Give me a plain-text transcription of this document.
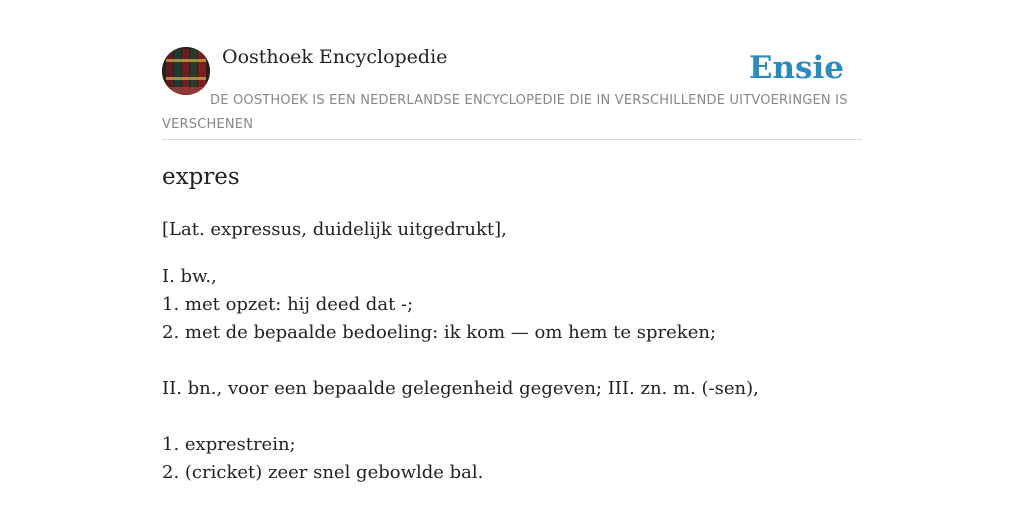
Oosthoek Encyclopedie	Ensie
DE OOSTHOEK IS EEN NEDERLANDSE ENCYCLOPEDIE DIE IN VERSCHILLENDE UITVOERINGEN IS VERSCHENEN
expres
[Lat. expressus, duidelijk uitgedrukt],
I. bw.,
1. met opzet: hij deed dat -;
2. met de bepaalde bedoeling: ik kom — om hem te spreken;
II. bn., voor een bepaalde gelegenheid gegeven; III. zn. m. (-sen),
1. exprestrein;
2. (cricket) zeer snel gebowlde bal.
